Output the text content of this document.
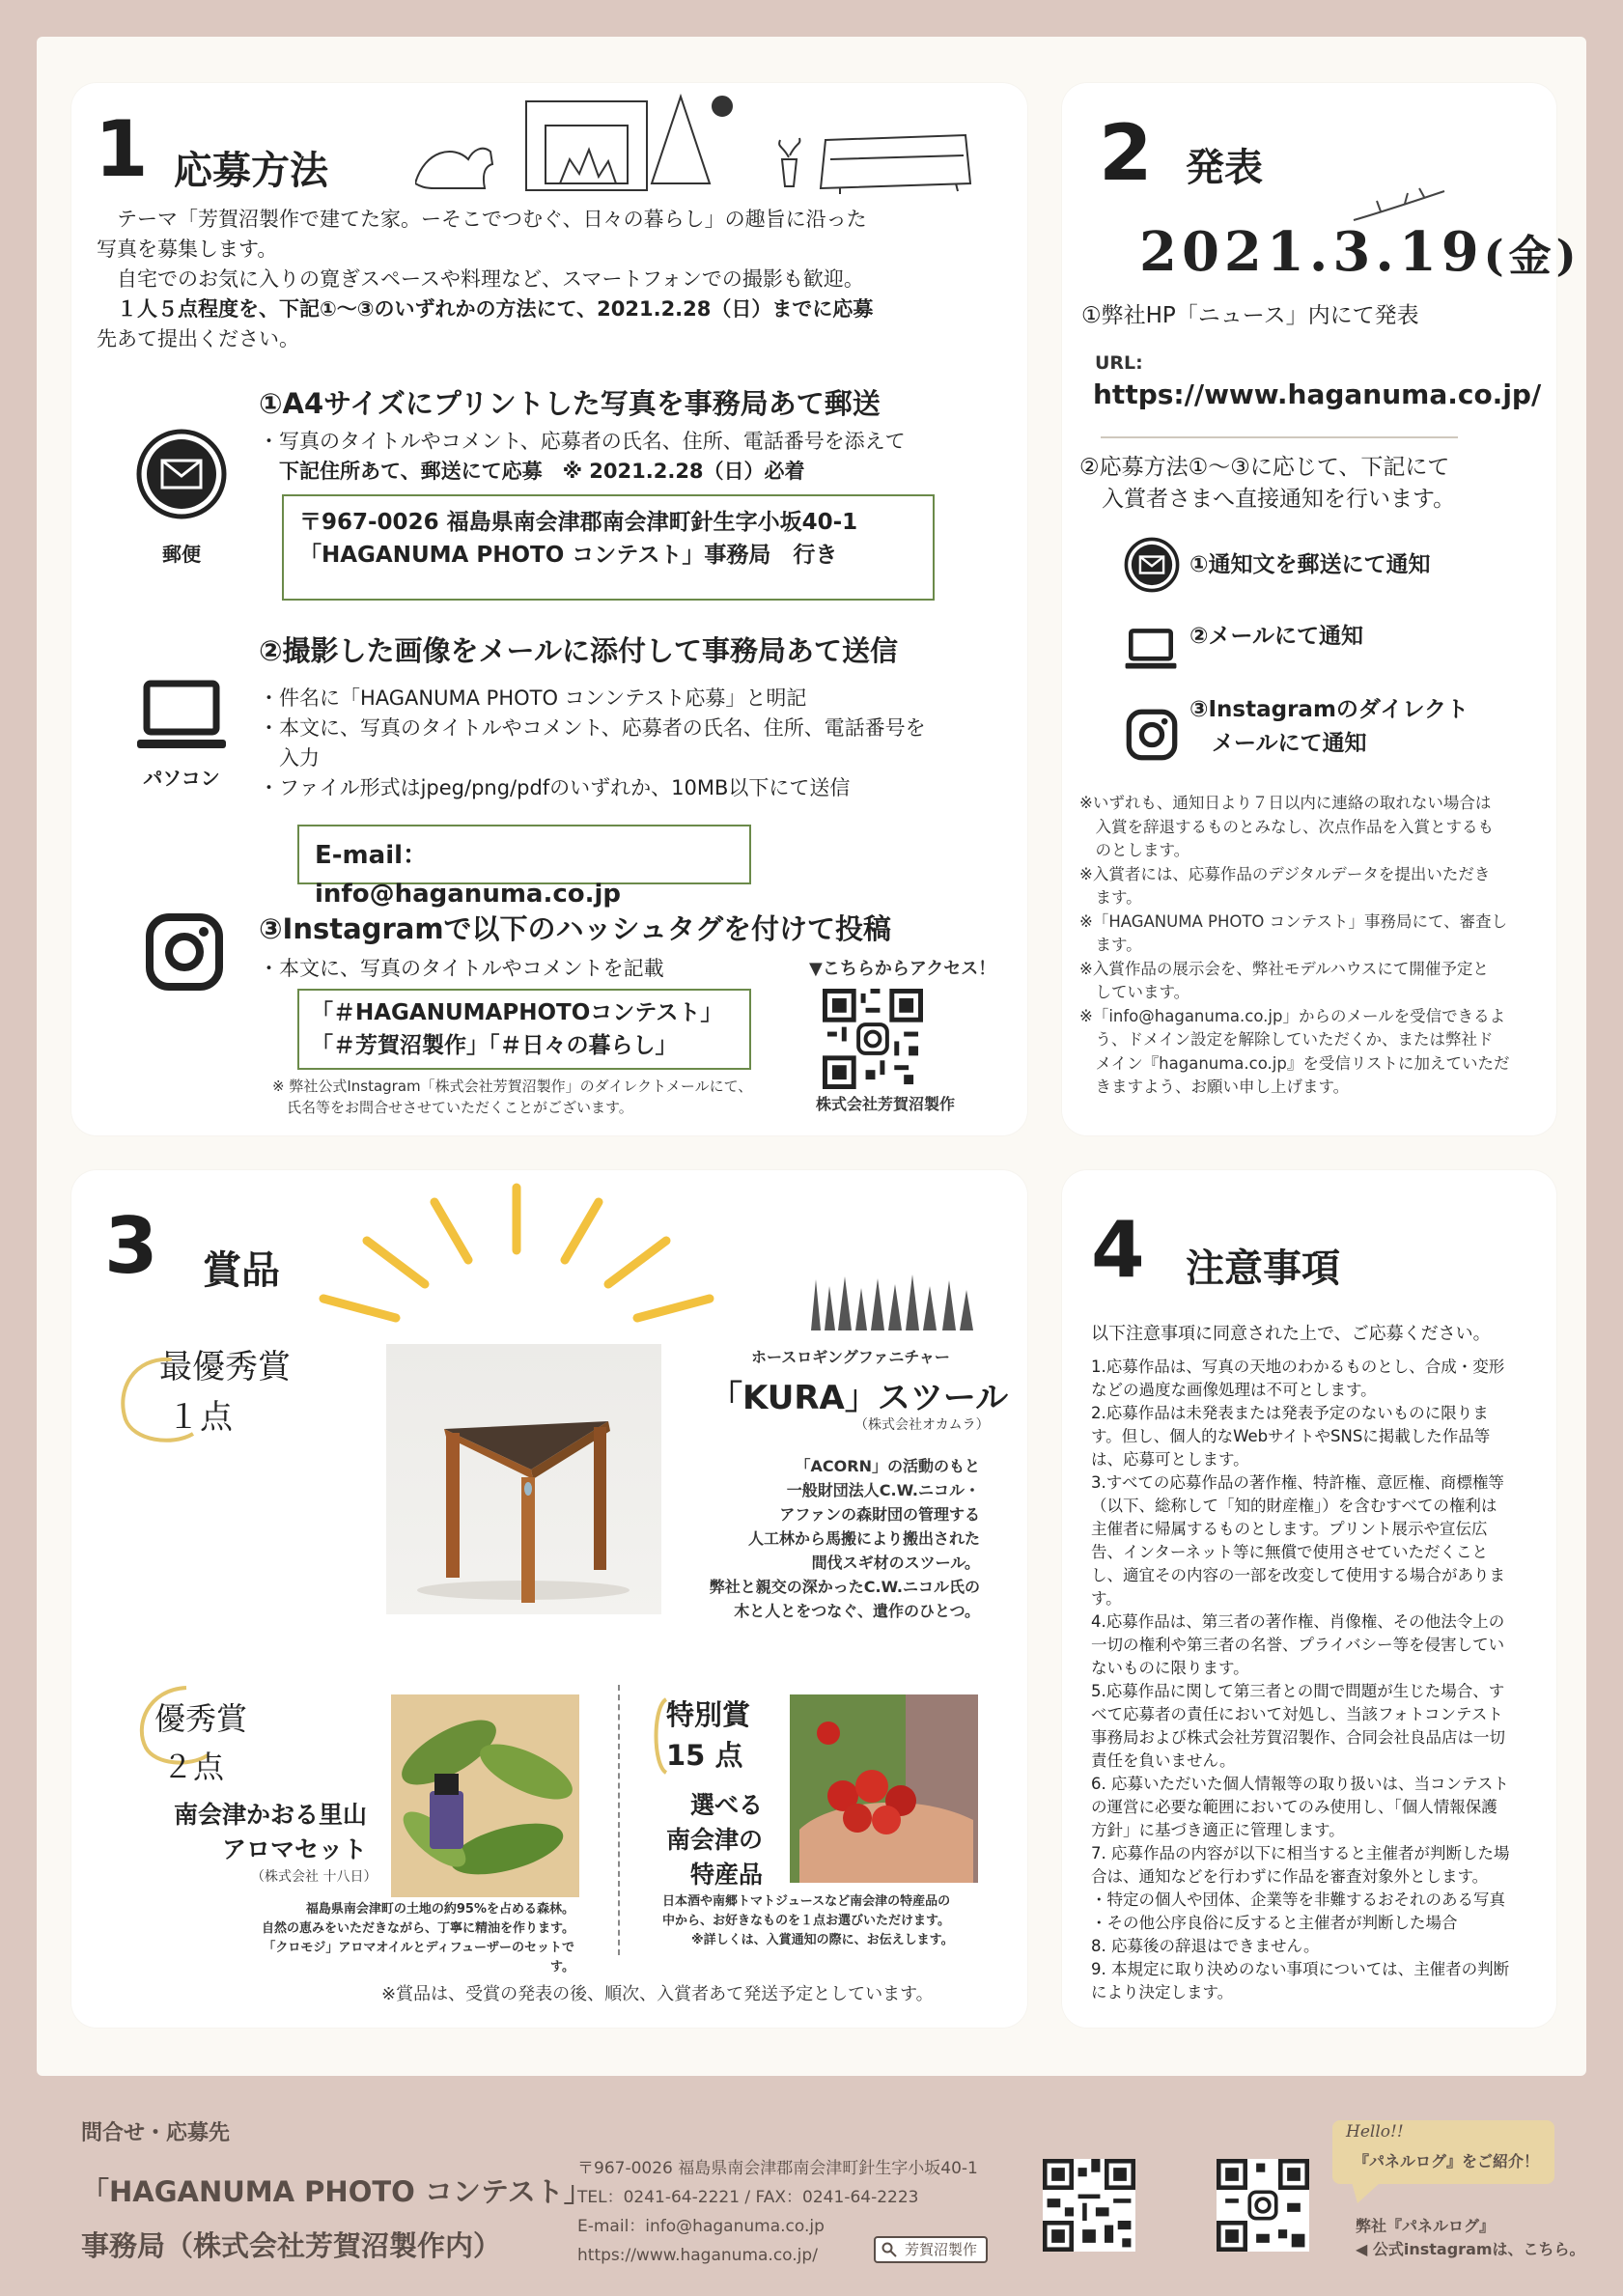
1 応募方法
　テーマ「芳賀沼製作で建てた家。ーそこでつむぐ、日々の暮らし」の趣旨に沿った
写真を募集します。
　自宅でのお気に入りの寛ぎスペースや料理など、スマートフォンでの撮影も歓迎。
　１人５点程度を、下記①〜③のいずれかの方法にて、2021.2.28（日）までに応募
先あて提出ください。
①A4サイズにプリントした写真を事務局あて郵送
郵便
・写真のタイトルやコメント、応募者の氏名、住所、電話番号を添えて
　下記住所あて、郵送にて応募　※ 2021.2.28（日）必着
〒967-0026 福島県南会津郡南会津町針生字小坂40-1
「HAGANUMA PHOTO コンテスト」事務局　行き
②撮影した画像をメールに添付して事務局あて送信
パソコン
・件名に「HAGANUMA PHOTO コンンテスト応募」と明記
・本文に、写真のタイトルやコメント、応募者の氏名、住所、電話番号を
　入力
・ファイル形式はjpeg/png/pdfのいずれか、10MB以下にて送信
E-mail：info@haganuma.co.jp
③Instagramで以下のハッシュタグを付けて投稿
・本文に、写真のタイトルやコメントを記載
「＃HAGANUMAPHOTOコンテスト」
「＃芳賀沼製作」「＃日々の暮らし」
▼こちらからアクセス！
株式会社芳賀沼製作
※ 弊社公式Instagram「株式会社芳賀沼製作」のダイレクトメールにて、
　氏名等をお問合せさせていただくことがございます。
2 発表
2021.3.19(金)
①弊社HP「ニュース」内にて発表
URL:
https://www.haganuma.co.jp/
②応募方法①〜③に応じて、下記にて
　入賞者さまへ直接通知を行います。
①通知文を郵送にて通知
②メールにて通知
③Instagramのダイレクト
　メールにて通知
※いずれも、通知日より７日以内に連絡の取れない場合は
　入賞を辞退するものとみなし、次点作品を入賞とするも
　のとします。
※入賞者には、応募作品のデジタルデータを提出いただき
　ます。
※「HAGANUMA PHOTO コンテスト」事務局にて、審査し
　ます。
※入賞作品の展示会を、弊社モデルハウスにて開催予定と
　しています。
※「info@haganuma.co.jp」からのメールを受信できるよ
　う、ドメイン設定を解除していただくか、または弊社ド
　メイン『haganuma.co.jp』を受信リストに加えていただ
　きますよう、お願い申し上げます。
3 賞品
最優秀賞
１点
ホースロギングファニチャー
「KURA」スツール
（株式会社オカムラ）
「ACORN」の活動のもと
一般財団法人C.W.ニコル・
アファンの森財団の管理する
人工林から馬搬により搬出された
間伐スギ材のスツール。
弊社と親交の深かったC.W.ニコル氏の
木と人とをつなぐ、遺作のひとつ。
優秀賞
２点
南会津かおる里山
アロマセット
（株式会社 十八日）
福島県南会津町の土地の約95%を占める森林。
自然の恵みをいただきながら、丁寧に精油を作ります。
「クロモジ」アロマオイルとディフューザーのセットです。
特別賞
15 点
選べる
南会津の
特産品
日本酒や南郷トマトジュースなど南会津の特産品の
中から、お好きなものを１点お選びいただけます。
※詳しくは、入賞通知の際に、お伝えします。
※賞品は、受賞の発表の後、順次、入賞者あて発送予定としています。
4 注意事項
以下注意事項に同意された上で、ご応募ください。
1.応募作品は、写真の天地のわかるものとし、合成・変形
などの過度な画像処理は不可とします。
2.応募作品は未発表または発表予定のないものに限りま
す。但し、個人的なWebサイトやSNSに掲載した作品等
は、応募可とします。
3.すべての応募作品の著作権、特許権、意匠権、商標権等
（以下、総称して「知的財産権」）を含むすべての権利は
主催者に帰属するものとします。プリント展示や宣伝広
告、インターネット等に無償で使用させていただくこと
し、適宜その内容の一部を改変して使用する場合がありま
す。
4.応募作品は、第三者の著作権、肖像権、その他法令上の
一切の権利や第三者の名誉、プライバシー等を侵害してい
ないものに限ります。
5.応募作品に関して第三者との間で問題が生じた場合、す
べて応募者の責任において対処し、当該フォトコンテスト
事務局および株式会社芳賀沼製作、合同会社良品店は一切
責任を負いません。
6. 応募いただいた個人情報等の取り扱いは、当コンテスト
の運営に必要な範囲においてのみ使用し、「個人情報保護
方針」に基づき適正に管理します。
7. 応募作品の内容が以下に相当すると主催者が判断した場
合は、通知などを行わずに作品を審査対象外とします。
・特定の個人や団体、企業等を非難するおそれのある写真
・その他公序良俗に反すると主催者が判断した場合
8. 応募後の辞退はできません。
9. 本規定に取り決めのない事項については、主催者の判断
により決定します。
問合せ・応募先
「HAGANUMA PHOTO コンテスト」
事務局（株式会社芳賀沼製作内）
〒967-0026 福島県南会津郡南会津町針生字小坂40-1
TEL：0241-64-2221 / FAX：0241-64-2223
E-mail：info@haganuma.co.jp
https://www.haganuma.co.jp/	芳賀沼製作
Hello!!
『パネルログ』をご紹介！
弊社『パネルログ』
◀ 公式instagramは、こちら。
